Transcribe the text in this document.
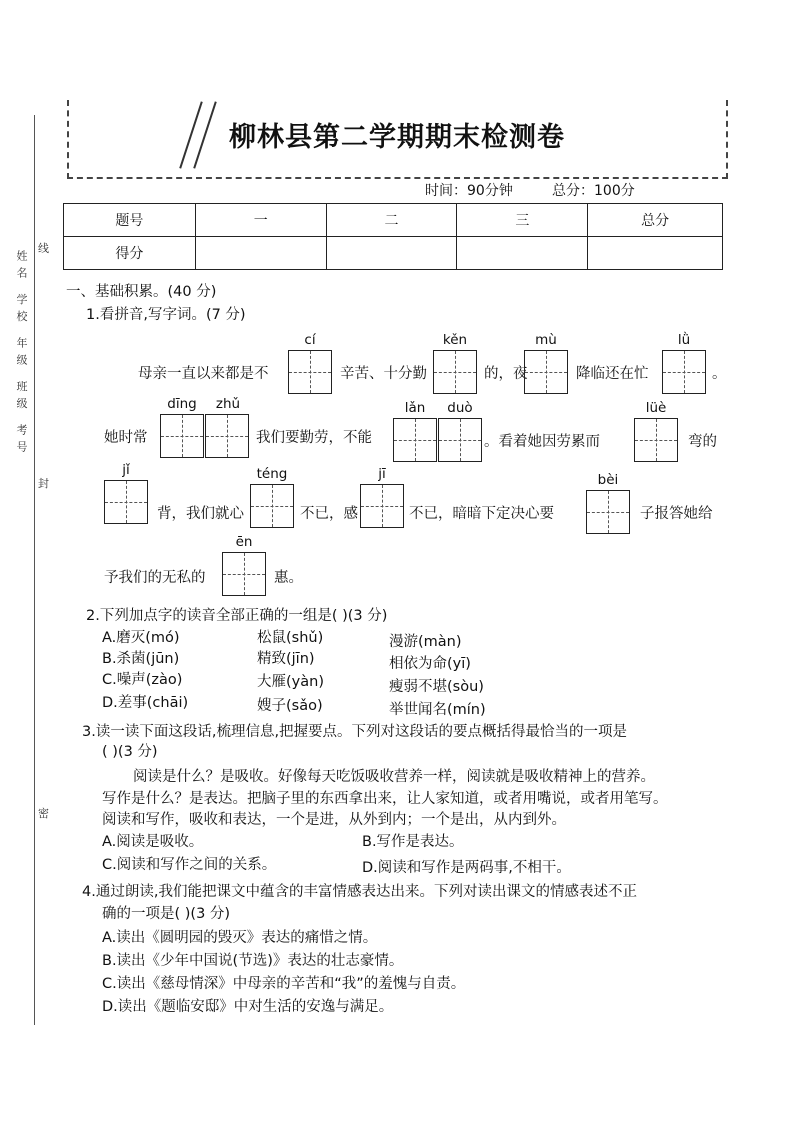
姓名 学校 年级 班级 考号
线
封
密
柳林县第二学期期末检测卷
时间：90分钟	总分：100分
题号	一	二	三	总分
得分				
一、基础积累。(40 分)
1.看拼音,写字词。(7 分)
母亲一直以来都是不
cí
辛苦、十分勤
kěn
的，夜
mù
降临还在忙
lǜ
。
她时常
dīng	zhǔ
我们要勤劳，不能
lǎn	duò
。看着她因劳累而
lüè
弯的
jǐ
背，我们就心
téng
不已，感
jī
不已，暗暗下定决心要
bèi
子报答她给
予我们的无私的
ēn
惠。
2.下列加点字的读音全部正确的一组是( )(3 分)
A.磨灭(mó)	松鼠(shǔ)	漫游(màn)
B.杀菌(jūn)	精致(jīn)	相依为命(yī)
C.噪声(zào)	大雁(yàn)	瘦弱不堪(sòu)
D.差事(chāi)	嫂子(sǎo)	举世闻名(mín)
3.读一读下面这段话,梳理信息,把握要点。下列对这段话的要点概括得最恰当的一项是
( )(3 分)
阅读是什么？是吸收。好像每天吃饭吸收营养一样，阅读就是吸收精神上的营养。
写作是什么？是表达。把脑子里的东西拿出来，让人家知道，或者用嘴说，或者用笔写。
阅读和写作，吸收和表达，一个是进，从外到内；一个是出，从内到外。
A.阅读是吸收。	B.写作是表达。
C.阅读和写作之间的关系。	D.阅读和写作是两码事,不相干。
4.通过朗读,我们能把课文中蕴含的丰富情感表达出来。下列对读出课文的情感表述不正
确的一项是( )(3 分)
A.读出《圆明园的毁灭》表达的痛惜之情。
B.读出《少年中国说(节选)》表达的壮志豪情。
C.读出《慈母情深》中母亲的辛苦和“我”的羞愧与自责。
D.读出《题临安邸》中对生活的安逸与满足。
